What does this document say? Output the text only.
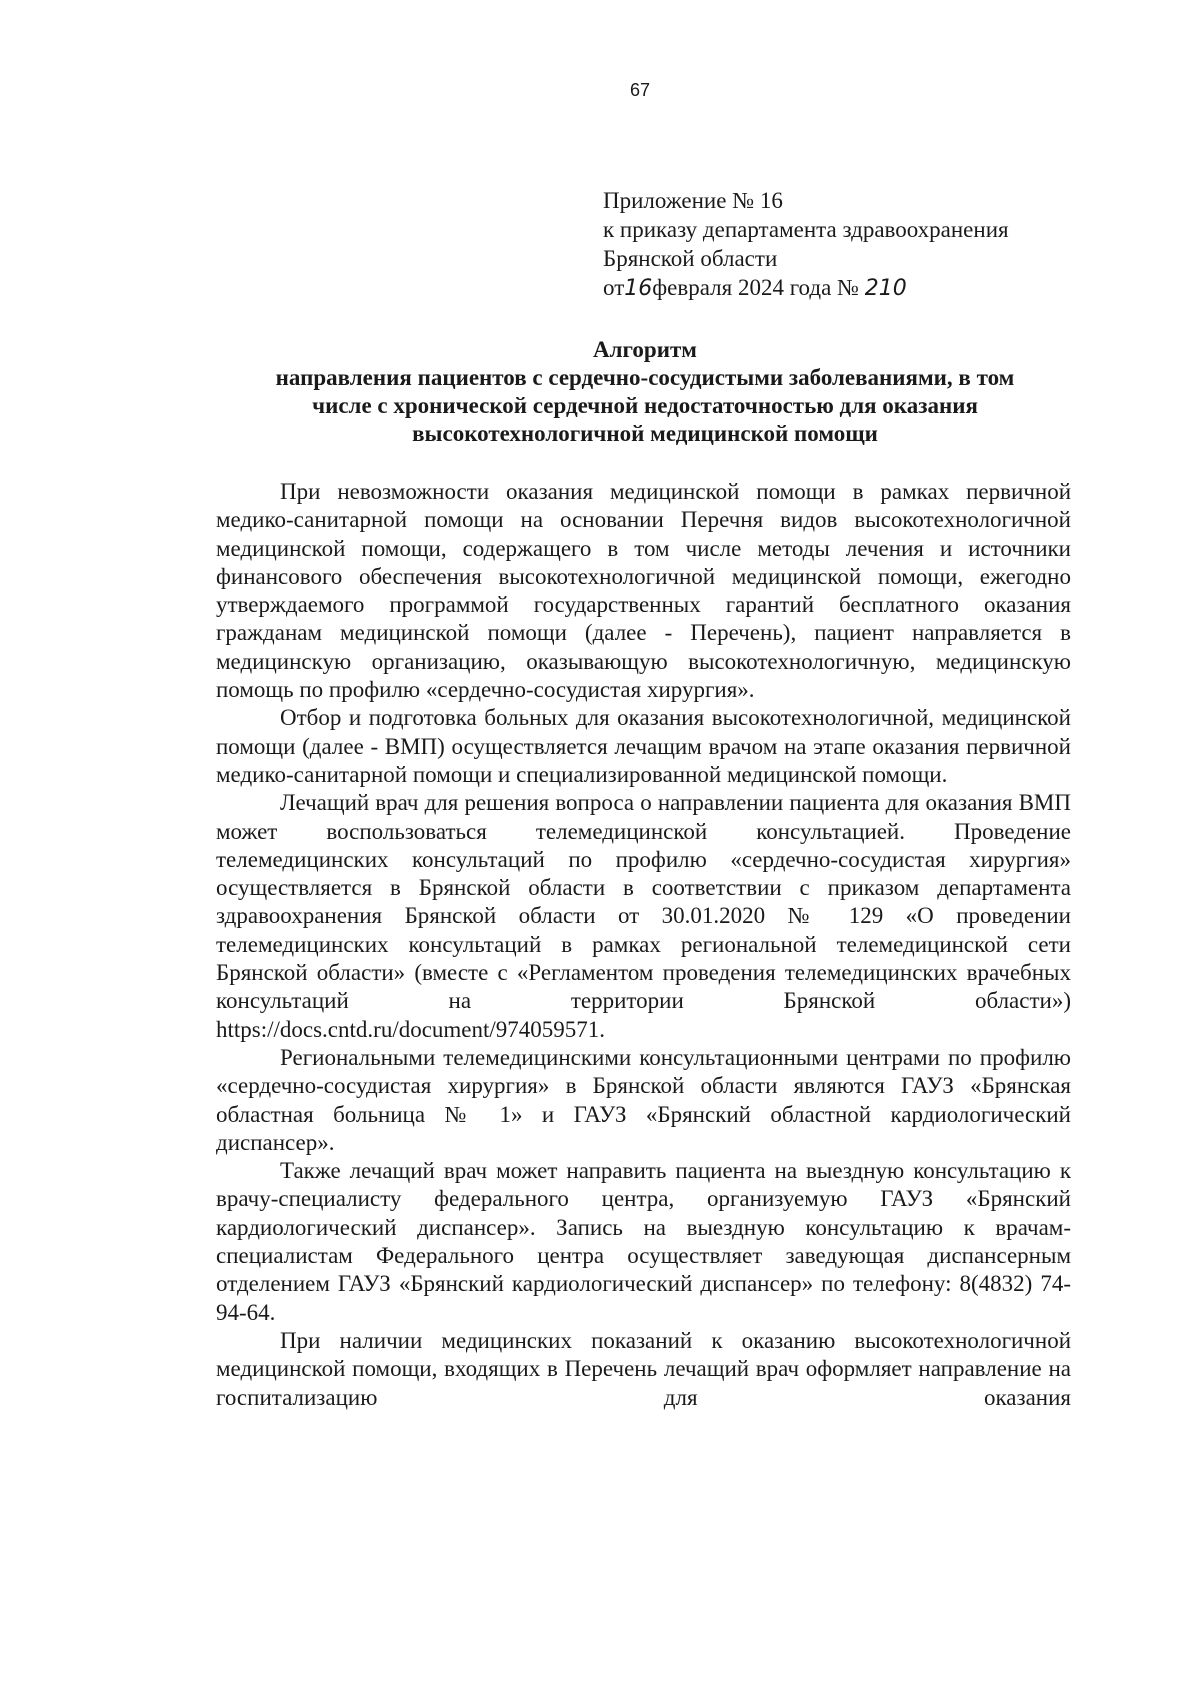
67
Приложение № 16
к приказу департамента здравоохранения
Брянской области
от16февраля 2024 года № 210
Алгоритм
направления пациентов с сердечно-сосудистыми заболеваниями, в том
числе с хронической сердечной недостаточностью для оказания
высокотехнологичной медицинской помощи

При невозможности оказания медицинской помощи в рамках первичной медико-санитарной помощи на основании Перечня видов высокотехнологичной медицинской помощи, содержащего в том числе методы лечения и источники финансового обеспечения высокотехнологичной медицинской помощи, ежегодно утверждаемого программой государственных гарантий бесплатного оказания гражданам медицинской помощи (далее - Перечень), пациент направляется в медицинскую организацию, оказывающую высокотехнологичную, медицинскую помощь по профилю «сердечно-сосудистая хирургия».

Отбор и подготовка больных для оказания высокотехнологичной, медицинской помощи (далее - ВМП) осуществляется лечащим врачом на этапе оказания первичной медико-санитарной помощи и специализированной медицинской помощи.

Лечащий врач для решения вопроса о направлении пациента для оказания ВМП может воспользоваться телемедицинской консультацией. Проведение телемедицинских консультаций по профилю «сердечно-сосудистая хирургия» осуществляется в Брянской области в соответствии с приказом департамента здравоохранения Брянской области от 30.01.2020 № 129 «О проведении телемедицинских консультаций в рамках региональной телемедицинской сети Брянской области» (вместе с «Регламентом проведения телемедицинских врачебных консультаций на территории Брянской области») https://docs.cntd.ru/document/974059571.

Региональными телемедицинскими консультационными центрами по профилю «сердечно-сосудистая хирургия» в Брянской области являются ГАУЗ «Брянская областная больница № 1» и ГАУЗ «Брянский областной кардиологический диспансер».

Также лечащий врач может направить пациента на выездную консультацию к врачу-специалисту федерального центра, организуемую ГАУЗ «Брянский кардиологический диспансер». Запись на выездную консультацию к врачам-специалистам Федерального центра осуществляет заведующая диспансерным отделением ГАУЗ «Брянский кардиологический диспансер» по телефону: 8(4832) 74-94-64.

При наличии медицинских показаний к оказанию высокотехнологичной медицинской помощи, входящих в Перечень лечащий врач оформляет направление на госпитализацию для оказания
